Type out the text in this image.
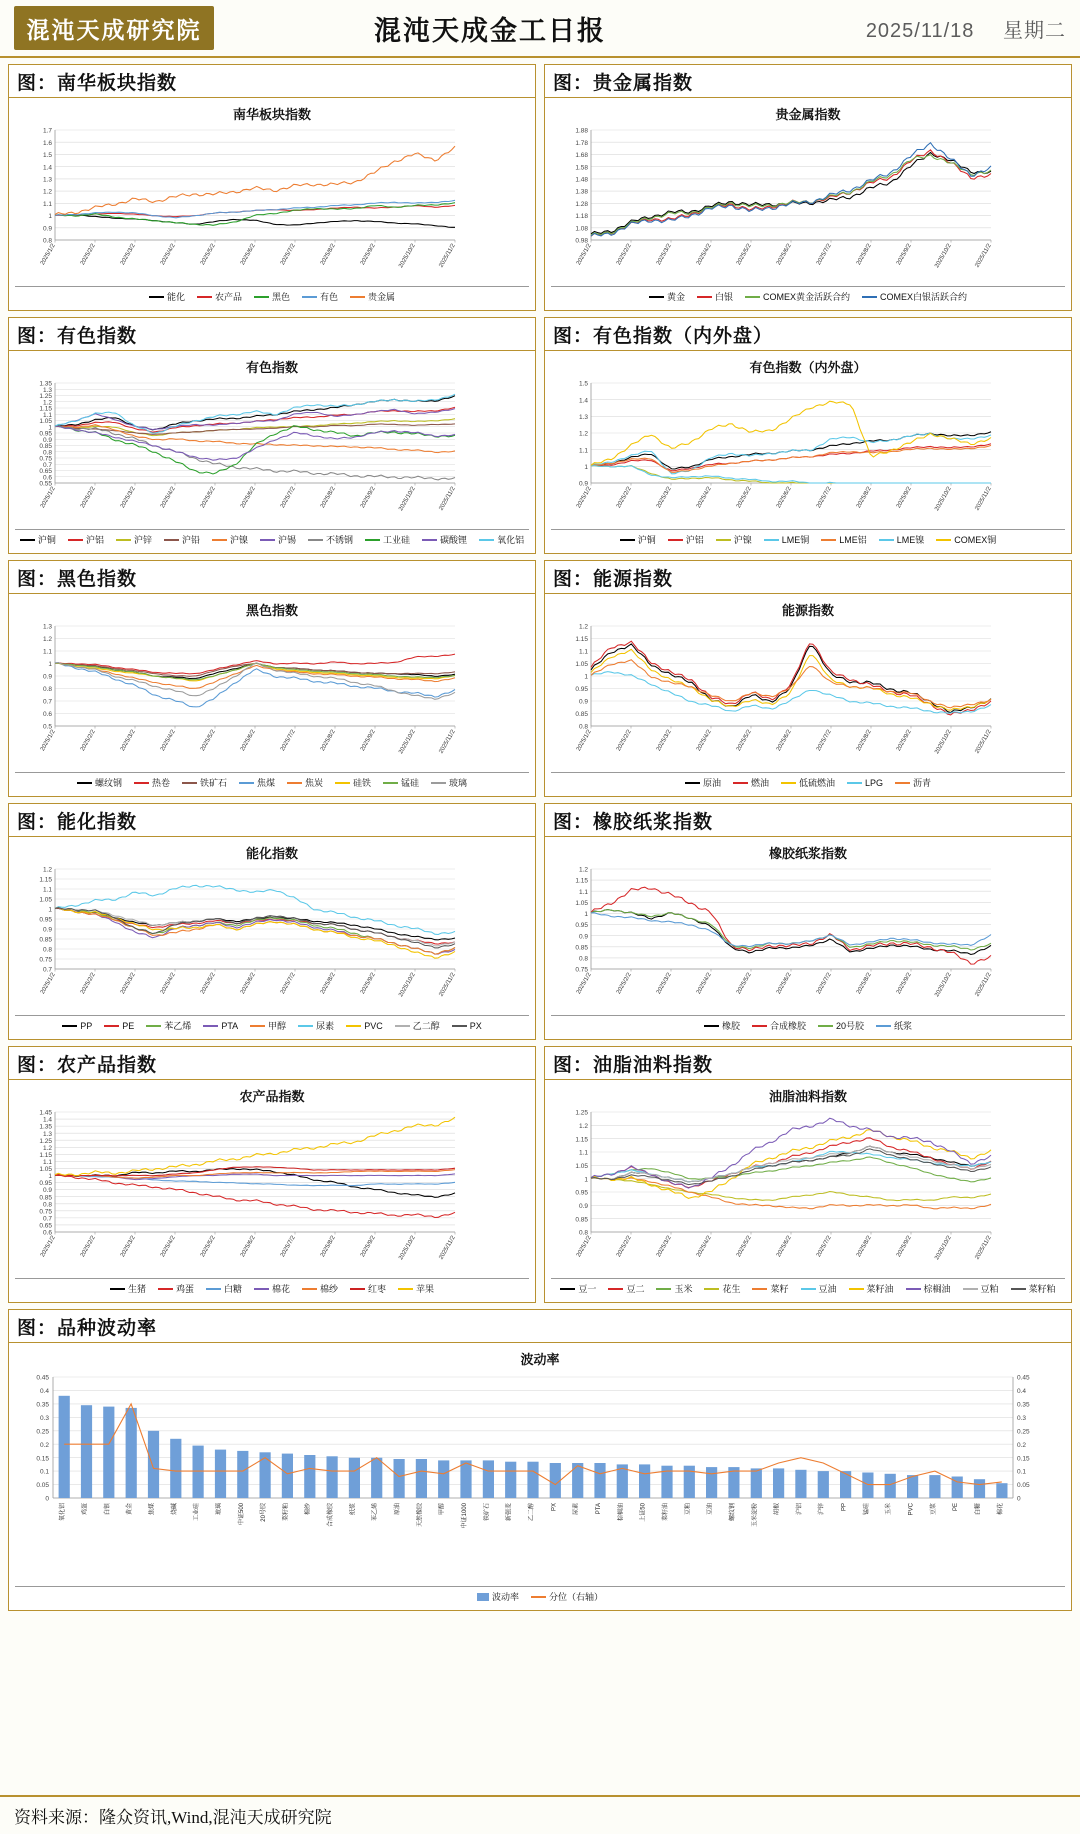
混沌天成研究院	混沌天成金工日报	2025/11/18 星期二
图：南华板块指数
南华板块指数
0.8
0.9
1
1.1
1.2
1.3
1.4
1.5
1.6
1.7
2025/1/2	2025/2/2	2025/3/2	2025/4/2	2025/5/2	2025/6/2	2025/7/2	2025/8/2	2025/9/2	2025/10/2	2025/11/2
能化	农产品	黑色	有色	贵金属
图：贵金属指数
贵金属指数
0.98
1.08
1.18
1.28
1.38
1.48
1.58
1.68
1.78
1.88
2025/1/2	2025/2/2	2025/3/2	2025/4/2	2025/5/2	2025/6/2	2025/7/2	2025/8/2	2025/9/2	2025/10/2	2025/11/2
黄金	白银	COMEX黄金活跃合约	COMEX白银活跃合约
图：有色指数
有色指数
0.55
0.6
0.65
0.7
0.75
0.8
0.85
0.9
0.95
1
1.05
1.1
1.15
1.2
1.25
1.3
1.35
2025/1/2	2025/2/2	2025/3/2	2025/4/2	2025/5/2	2025/6/2	2025/7/2	2025/8/2	2025/9/2	2025/10/2	2025/11/2
沪铜	沪铝	沪锌	沪铅	沪镍	沪锡	不锈钢	工业硅	碳酸锂	氧化铝
图：有色指数（内外盘）
有色指数（内外盘）
0.9
1
1.1
1.2
1.3
1.4
1.5
2025/1/2	2025/2/2	2025/3/2	2025/4/2	2025/5/2	2025/6/2	2025/7/2	2025/8/2	2025/9/2	2025/10/2	2025/11/2
沪铜	沪铝	沪镍	LME铜	LME铝	LME镍	COMEX铜
图：黑色指数
黑色指数
0.5
0.6
0.7
0.8
0.9
1
1.1
1.2
1.3
2025/1/2	2025/2/2	2025/3/2	2025/4/2	2025/5/2	2025/6/2	2025/7/2	2025/8/2	2025/9/2	2025/10/2	2025/11/2
螺纹钢	热卷	铁矿石	焦煤	焦炭	硅铁	锰硅	玻璃
图：能源指数
能源指数
0.8
0.85
0.9
0.95
1
1.05
1.1
1.15
1.2
2025/1/2	2025/2/2	2025/3/2	2025/4/2	2025/5/2	2025/6/2	2025/7/2	2025/8/2	2025/9/2	2025/10/2	2025/11/2
原油	燃油	低硫燃油	LPG	沥青
图：能化指数
能化指数
0.7
0.75
0.8
0.85
0.9
0.95
1
1.05
1.1
1.15
1.2
2025/1/2	2025/2/2	2025/3/2	2025/4/2	2025/5/2	2025/6/2	2025/7/2	2025/8/2	2025/9/2	2025/10/2	2025/11/2
PP	PE	苯乙烯	PTA	甲醇	尿素	PVC	乙二醇	PX
图：橡胶纸浆指数
橡胶纸浆指数
0.75
0.8
0.85
0.9
0.95
1
1.05
1.1
1.15
1.2
2025/1/2	2025/2/2	2025/3/2	2025/4/2	2025/5/2	2025/6/2	2025/7/2	2025/8/2	2025/9/2	2025/10/2	2025/11/2
橡胶	合成橡胶	20号胶	纸浆
图：农产品指数
农产品指数
0.6
0.65
0.7
0.75
0.8
0.85
0.9
0.95
1
1.05
1.1
1.15
1.2
1.25
1.3
1.35
1.4
1.45
2025/1/2	2025/2/2	2025/3/2	2025/4/2	2025/5/2	2025/6/2	2025/7/2	2025/8/2	2025/9/2	2025/10/2	2025/11/2
生猪	鸡蛋	白糖	棉花	棉纱	红枣	苹果
图：油脂油料指数
油脂油料指数
0.8
0.85
0.9
0.95
1
1.05
1.1
1.15
1.2
1.25
2025/1/2	2025/2/2	2025/3/2	2025/4/2	2025/5/2	2025/6/2	2025/7/2	2025/8/2	2025/9/2	2025/10/2	2025/11/2
豆一	豆二	玉米	花生	菜籽	豆油	菜籽油	棕榈油	豆粕	菜籽粕
图：品种波动率
波动率
0	0
0.05	0.05
0.1	0.1
0.15	0.15
0.2	0.2
0.25	0.25
0.3	0.3
0.35	0.35
0.4	0.4
0.45	0.45
氧化铝	鸡蛋	白银	黄金	焦煤	烧碱	工业硅	玻璃	中证500	20号胶	菜籽粕	棉纱	合成橡胶	纸浆	苯乙烯	原油	天然橡胶	甲醇	中证1000	铁矿石	新强麦	乙二醇	PX	尿素	PTA	棕榈油	上证50	菜籽油	豆粕	豆油	螺纹钢	玉米淀粉	胡椒	沪铝	沪锌	PP	锰硅	玉米	PVC	豆浆	PE	白糖	棉花
波动率	分位（右轴）
资料来源：隆众资讯,Wind,混沌天成研究院
